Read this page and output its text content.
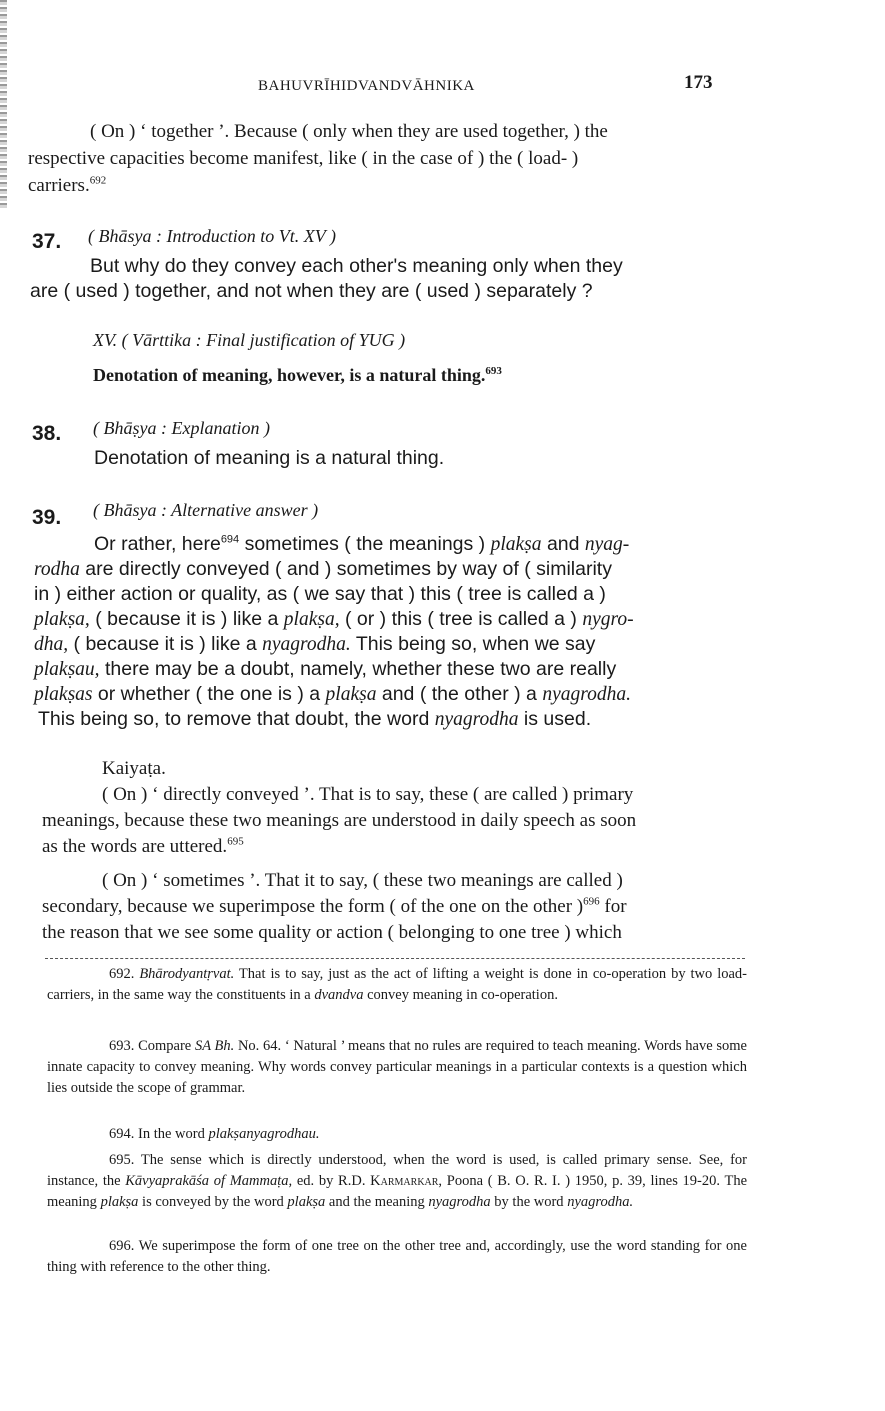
BAHUVRĪHIDVANDVĀHNIKA	173

( On ) ‘ together ’. Because ( only when they are used together, ) the

respective capacities become manifest, like ( in the case of ) the ( load- )

carriers.$^{692}$

37. ( Bhāsya : Introduction to Vt. XV )

But why do they convey each other's meaning only when they

are ( used ) together, and not when they are ( used ) separately ?

XV. ( Vārttika : Final justification of YUG )

Denotation of meaning, however, is a natural thing.$^{693}$

38. ( Bhāṣya : Explanation )

Denotation of meaning is a natural thing.

39. ( Bhāsya : Alternative answer )

Or rather, here$^{694}$ sometimes ( the meanings ) plakṣa and nyag-

rodha are directly conveyed ( and ) sometimes by way of ( similarity

in ) either action or quality, as ( we say that ) this ( tree is called a )

plakṣa, ( because it is ) like a plakṣa, ( or ) this ( tree is called a ) nygro-

dha, ( because it is ) like a nyagrodha. This being so, when we say

plakṣau, there may be a doubt, namely, whether these two are really

plakṣas or whether ( the one is ) a plakṣa and ( the other ) a nyagrodha.

This being so, to remove that doubt, the word nyagrodha is used.

Kaiyaṭa.

( On ) ‘ directly conveyed ’. That is to say, these ( are called ) primary

meanings, because these two meanings are understood in daily speech as soon

as the words are uttered.$^{695}$

( On ) ‘ sometimes ’. That it to say, ( these two meanings are called )

secondary, because we superimpose the form ( of the one on the other )$^{696}$ for

the reason that we see some quality or action ( belonging to one tree ) which

692. Bhārodyantṛvat. That is to say, just as the act of lifting a weight is done in co-operation by two load-carriers, in the same way the constituents in a dvandva convey meaning in co-operation.

693. Compare SA Bh. No. 64. ‘ Natural ’ means that no rules are required to teach meaning. Words have some innate capacity to convey meaning. Why words convey particular meanings in a particular contexts is a question which lies outside the scope of grammar.

694. In the word plakṣanyagrodhau.

695. The sense which is directly understood, when the word is used, is called primary sense. See, for instance, the Kāvyaprakāśa of Mammaṭa, ed. by R.D. Karmarkar, Poona ( B. O. R. I. ) 1950, p. 39, lines 19-20. The meaning plakṣa is conveyed by the word plakṣa and the meaning nyagrodha by the word nyagrodha.

696. We superimpose the form of one tree on the other tree and, accordingly, use the word standing for one thing with reference to the other thing.
